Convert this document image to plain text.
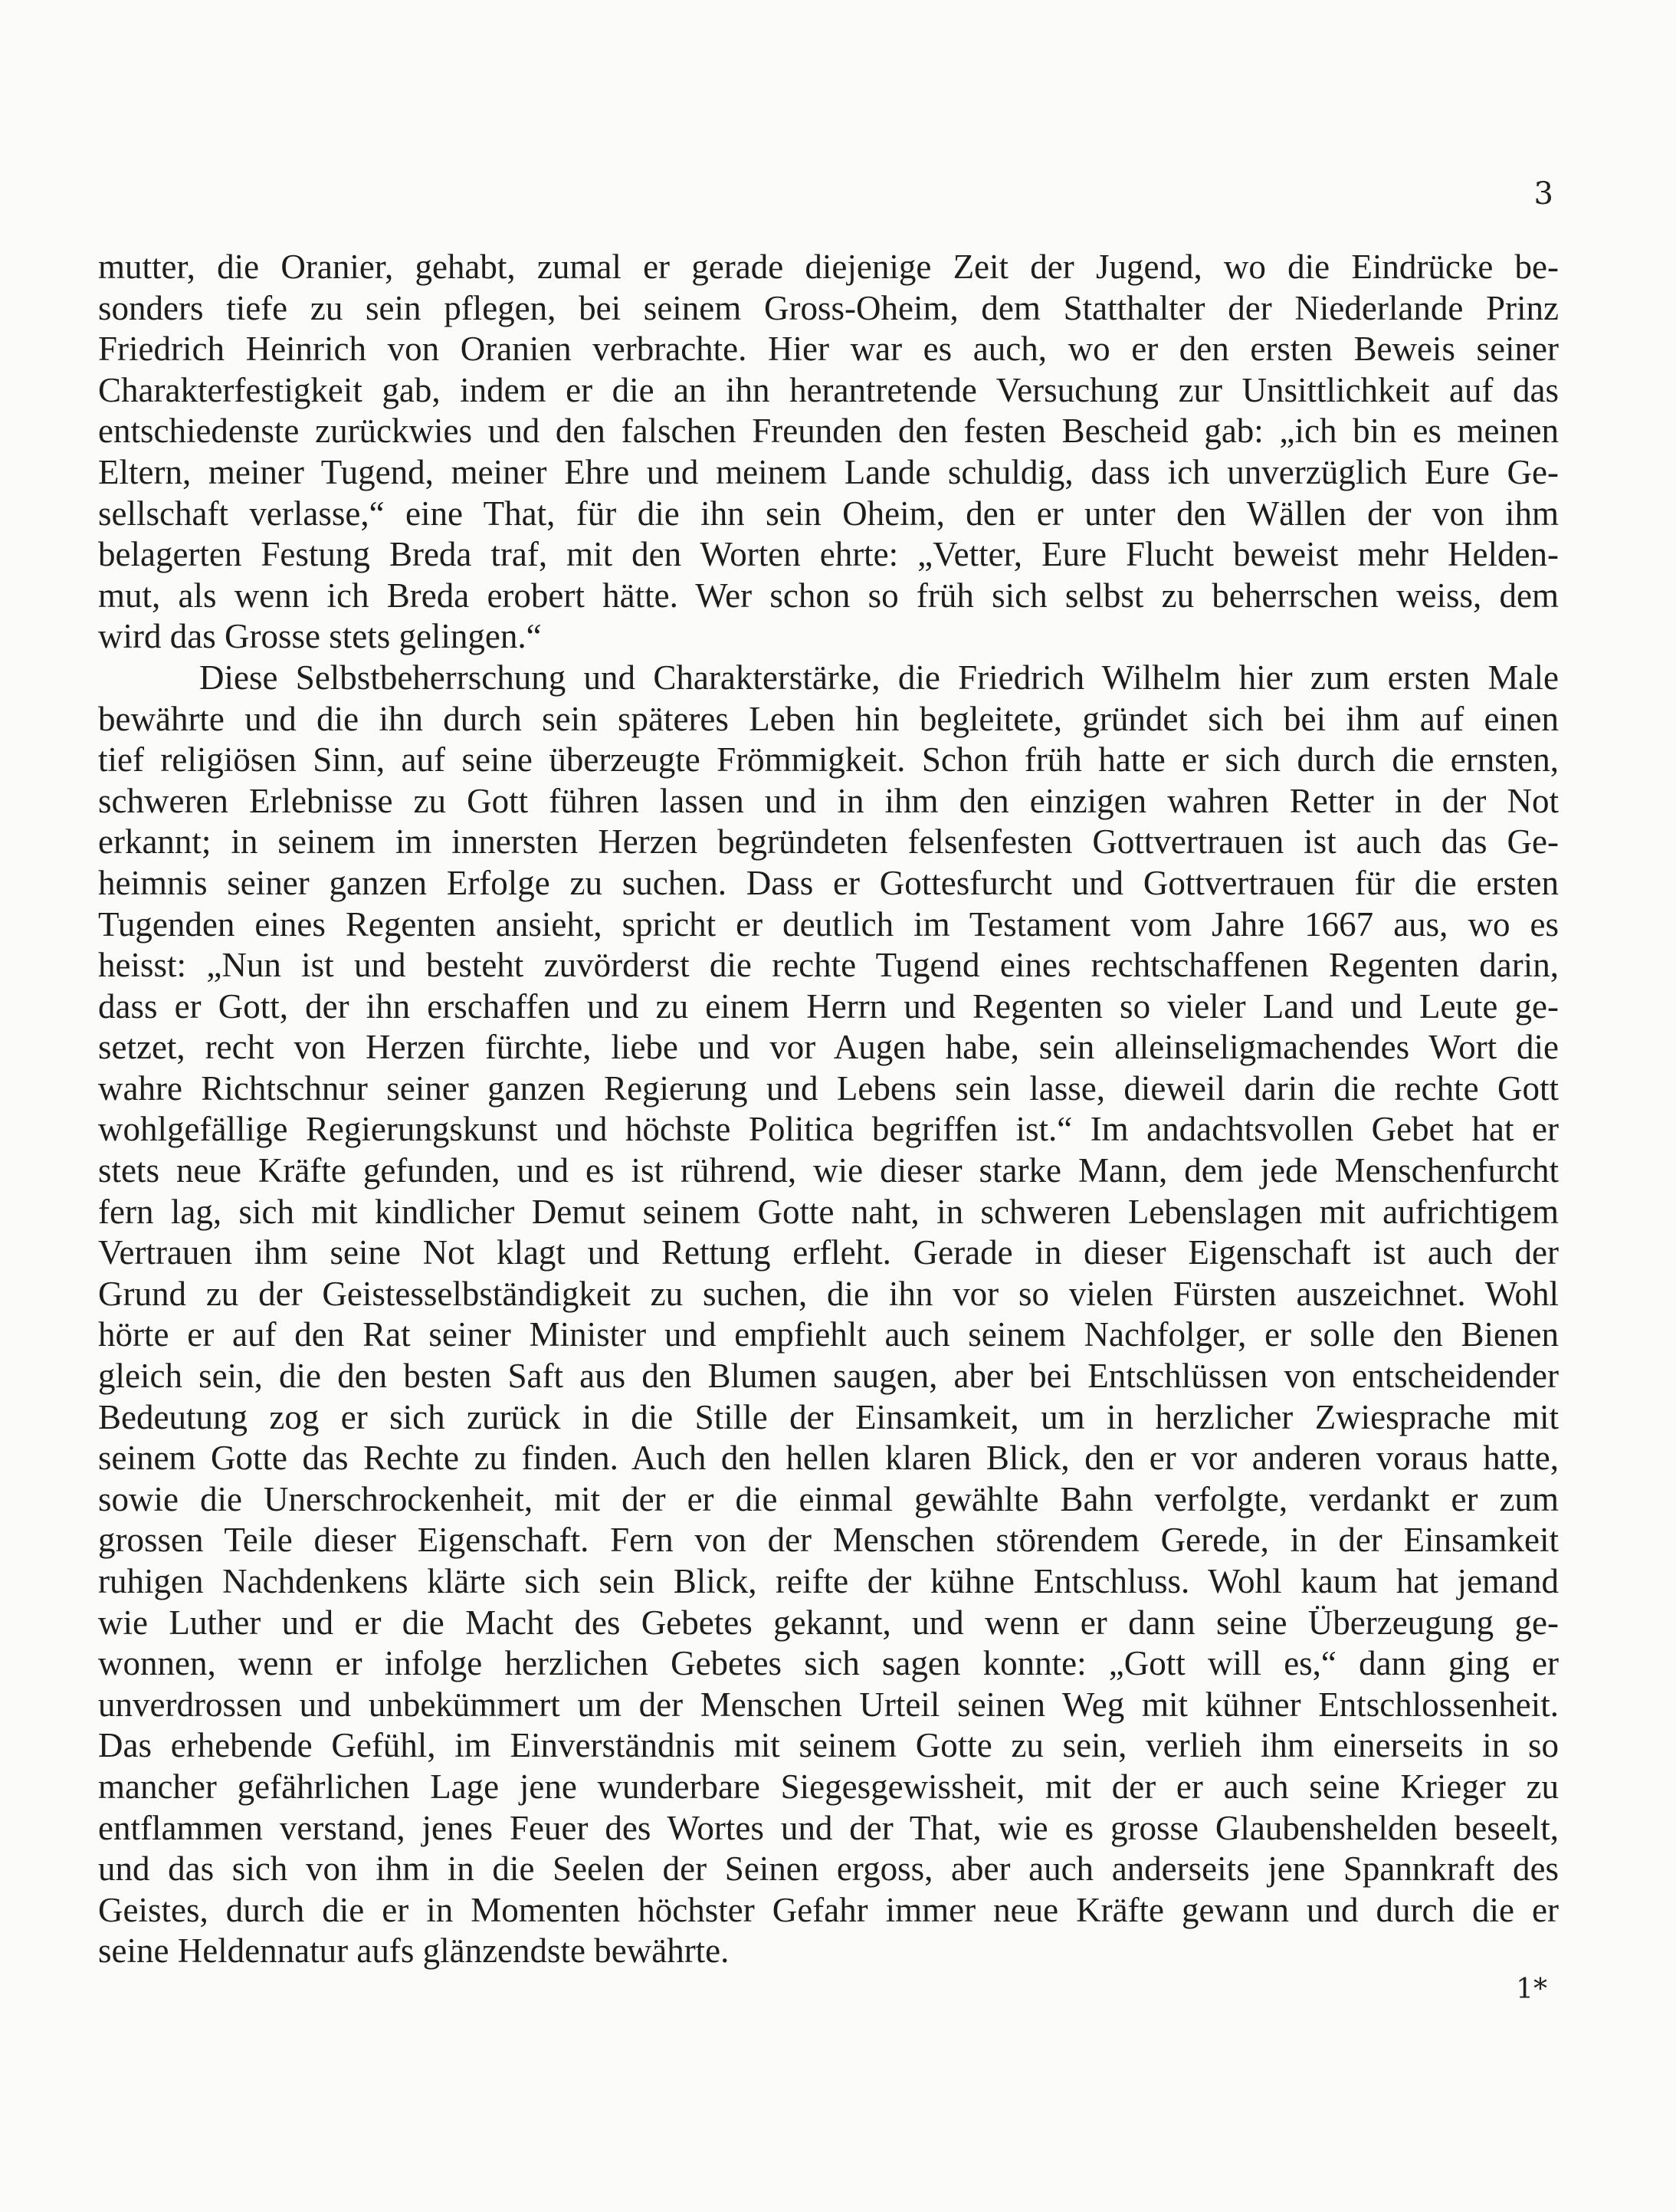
3

mutter, die Oranier, gehabt, zumal er gerade diejenige Zeit der Jugend, wo die Eindrücke be-
sonders tiefe zu sein pflegen, bei seinem Gross-Oheim, dem Statthalter der Niederlande Prinz
Friedrich Heinrich von Oranien verbrachte. Hier war es auch, wo er den ersten Beweis seiner
Charakterfestigkeit gab, indem er die an ihn herantretende Versuchung zur Unsittlichkeit auf das
entschiedenste zurückwies und den falschen Freunden den festen Bescheid gab: „ich bin es meinen
Eltern, meiner Tugend, meiner Ehre und meinem Lande schuldig, dass ich unverzüglich Eure Ge-
sellschaft verlasse,“ eine That, für die ihn sein Oheim, den er unter den Wällen der von ihm
belagerten Festung Breda traf, mit den Worten ehrte: „Vetter, Eure Flucht beweist mehr Helden-
mut, als wenn ich Breda erobert hätte. Wer schon so früh sich selbst zu beherrschen weiss, dem
wird das Grosse stets gelingen.“
Diese Selbstbeherrschung und Charakterstärke, die Friedrich Wilhelm hier zum ersten Male
bewährte und die ihn durch sein späteres Leben hin begleitete, gründet sich bei ihm auf einen
tief religiösen Sinn, auf seine überzeugte Frömmigkeit. Schon früh hatte er sich durch die ernsten,
schweren Erlebnisse zu Gott führen lassen und in ihm den einzigen wahren Retter in der Not
erkannt; in seinem im innersten Herzen begründeten felsenfesten Gottvertrauen ist auch das Ge-
heimnis seiner ganzen Erfolge zu suchen. Dass er Gottesfurcht und Gottvertrauen für die ersten
Tugenden eines Regenten ansieht, spricht er deutlich im Testament vom Jahre 1667 aus, wo es
heisst: „Nun ist und besteht zuvörderst die rechte Tugend eines rechtschaffenen Regenten darin,
dass er Gott, der ihn erschaffen und zu einem Herrn und Regenten so vieler Land und Leute ge-
setzet, recht von Herzen fürchte, liebe und vor Augen habe, sein alleinseligmachendes Wort die
wahre Richtschnur seiner ganzen Regierung und Lebens sein lasse, dieweil darin die rechte Gott
wohlgefällige Regierungskunst und höchste Politica begriffen ist.“ Im andachtsvollen Gebet hat er
stets neue Kräfte gefunden, und es ist rührend, wie dieser starke Mann, dem jede Menschenfurcht
fern lag, sich mit kindlicher Demut seinem Gotte naht, in schweren Lebenslagen mit aufrichtigem
Vertrauen ihm seine Not klagt und Rettung erfleht. Gerade in dieser Eigenschaft ist auch der
Grund zu der Geistesselbständigkeit zu suchen, die ihn vor so vielen Fürsten auszeichnet. Wohl
hörte er auf den Rat seiner Minister und empfiehlt auch seinem Nachfolger, er solle den Bienen
gleich sein, die den besten Saft aus den Blumen saugen, aber bei Entschlüssen von entscheidender
Bedeutung zog er sich zurück in die Stille der Einsamkeit, um in herzlicher Zwiesprache mit
seinem Gotte das Rechte zu finden. Auch den hellen klaren Blick, den er vor anderen voraus hatte,
sowie die Unerschrockenheit, mit der er die einmal gewählte Bahn verfolgte, verdankt er zum
grossen Teile dieser Eigenschaft. Fern von der Menschen störendem Gerede, in der Einsamkeit
ruhigen Nachdenkens klärte sich sein Blick, reifte der kühne Entschluss. Wohl kaum hat jemand
wie Luther und er die Macht des Gebetes gekannt, und wenn er dann seine Überzeugung ge-
wonnen, wenn er infolge herzlichen Gebetes sich sagen konnte: „Gott will es,“ dann ging er
unverdrossen und unbekümmert um der Menschen Urteil seinen Weg mit kühner Entschlossenheit.
Das erhebende Gefühl, im Einverständnis mit seinem Gotte zu sein, verlieh ihm einerseits in so
mancher gefährlichen Lage jene wunderbare Siegesgewissheit, mit der er auch seine Krieger zu
entflammen verstand, jenes Feuer des Wortes und der That, wie es grosse Glaubenshelden beseelt,
und das sich von ihm in die Seelen der Seinen ergoss, aber auch anderseits jene Spannkraft des
Geistes, durch die er in Momenten höchster Gefahr immer neue Kräfte gewann und durch die er
seine Heldennatur aufs glänzendste bewährte.

1*
